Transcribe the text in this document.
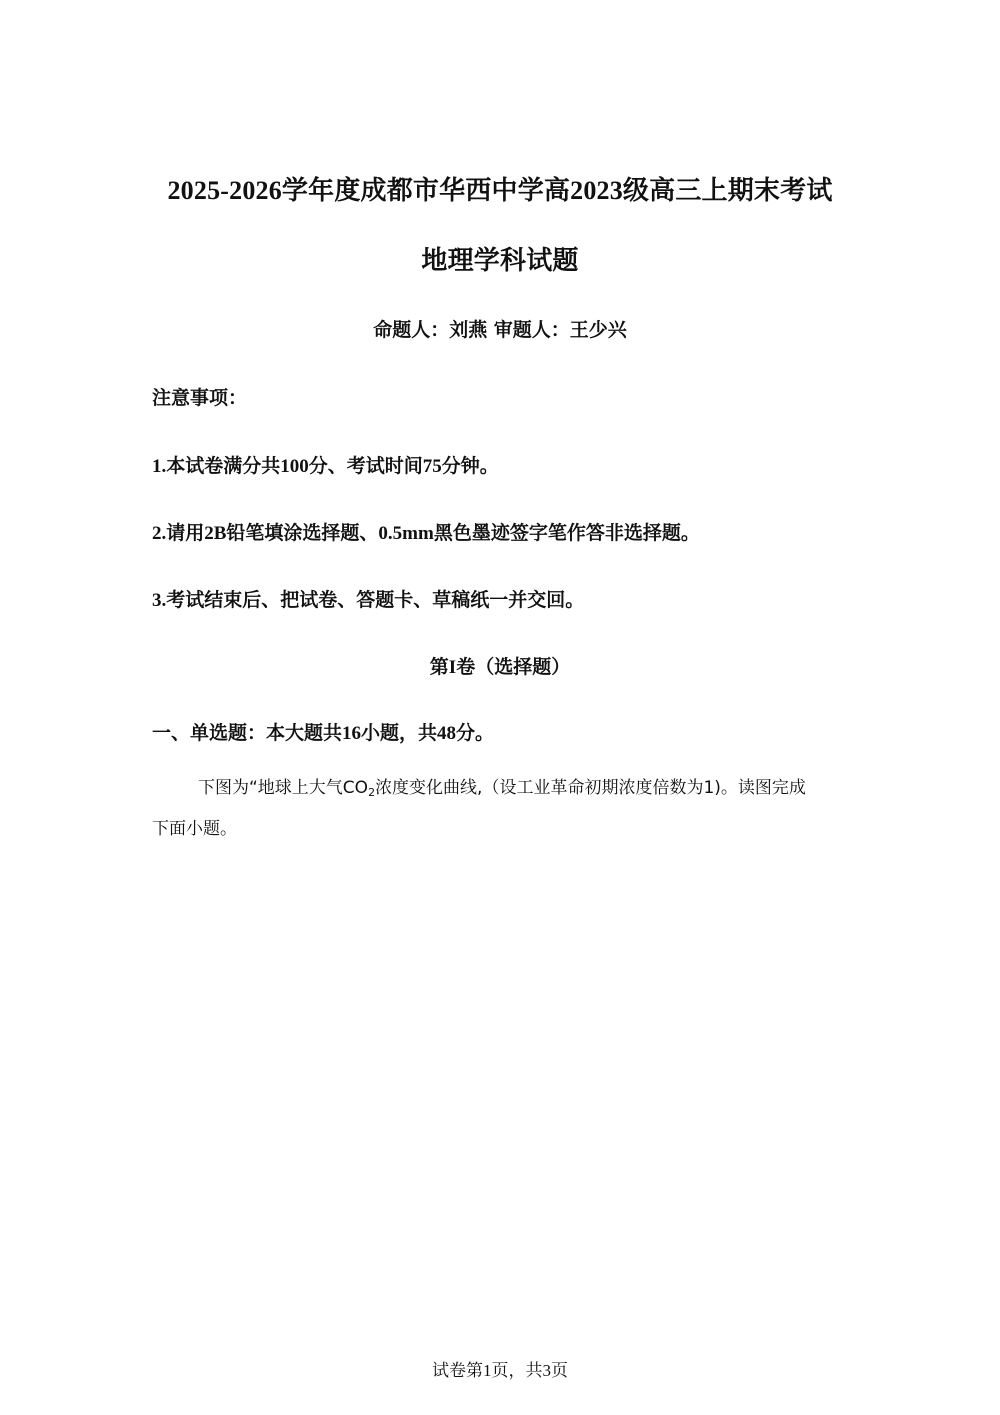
2025-2026学年度成都市华西中学高2023级高三上期末考试
地理学科试题
命题人：刘燕 审题人：王少兴
注意事项：
1.本试卷满分共100分、考试时间75分钟。
2.请用2B铅笔填涂选择题、0.5mm黑色墨迹签字笔作答非选择题。
3.考试结束后、把试卷、答题卡、草稿纸一并交回。
第I卷（选择题）
一、单选题：本大题共16小题，共48分。
下图为“地球上大气$CO_2$浓度变化曲线,（设工业革命初期浓度倍数为1)。读图完成
下面小题。
试卷第1页，共3页
